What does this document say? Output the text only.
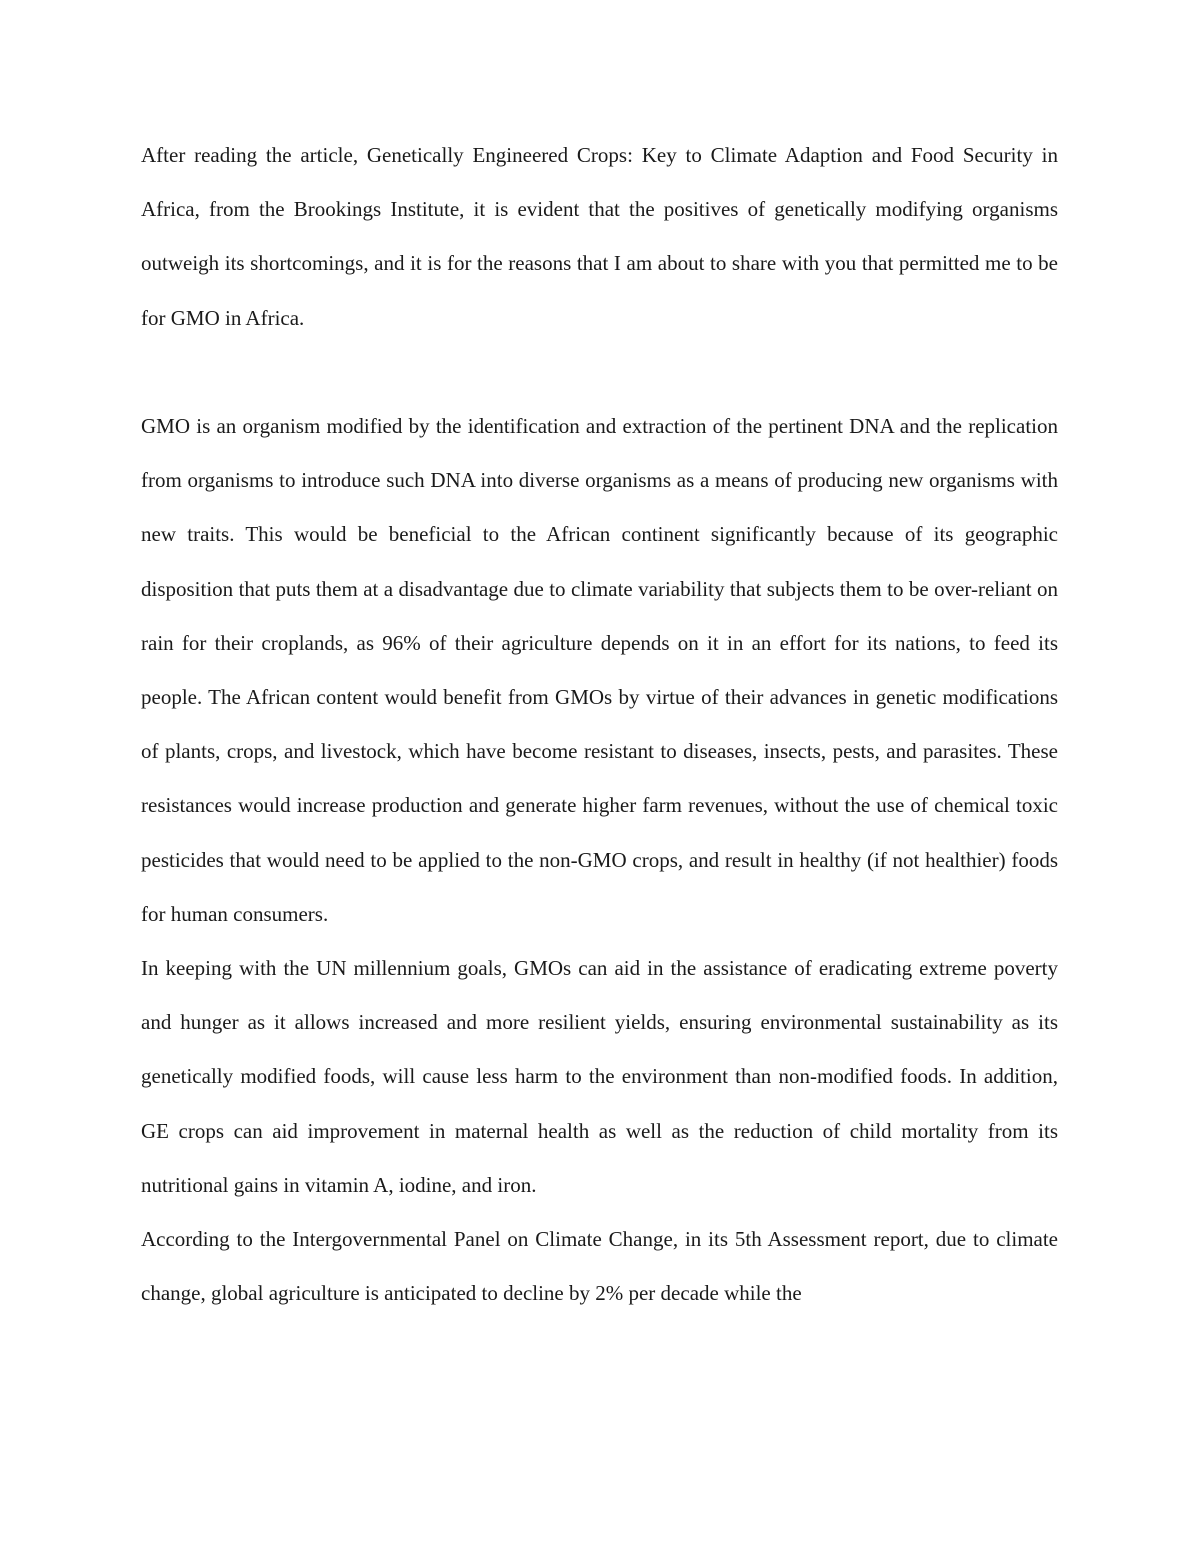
After reading the article, Genetically Engineered Crops: Key to Climate Adaption and Food Security in Africa, from the Brookings Institute, it is evident that the positives of genetically modifying organisms outweigh its shortcomings, and it is for the reasons that I am about to share with you that permitted me to be for GMO in Africa.

GMO is an organism modified by the identification and extraction of the pertinent DNA and the replication from organisms to introduce such DNA into diverse organisms as a means of producing new organisms with new traits. This would be beneficial to the African continent significantly because of its geographic disposition that puts them at a disadvantage due to climate variability that subjects them to be over-reliant on rain for their croplands, as 96% of their agriculture depends on it in an effort for its nations, to feed its people. The African content would benefit from GMOs by virtue of their advances in genetic modifications of plants, crops, and livestock, which have become resistant to diseases, insects, pests, and parasites. These resistances would increase production and generate higher farm revenues, without the use of chemical toxic pesticides that would need to be applied to the non-GMO crops, and result in healthy (if not healthier) foods for human consumers.

In keeping with the UN millennium goals, GMOs can aid in the assistance of eradicating extreme poverty and hunger as it allows increased and more resilient yields, ensuring environmental sustainability as its genetically modified foods, will cause less harm to the environment than non-modified foods. In addition, GE crops can aid improvement in maternal health as well as the reduction of child mortality from its nutritional gains in vitamin A, iodine, and iron.

According to the Intergovernmental Panel on Climate Change, in its 5th Assessment report, due to climate change, global agriculture is anticipated to decline by 2% per decade while the
